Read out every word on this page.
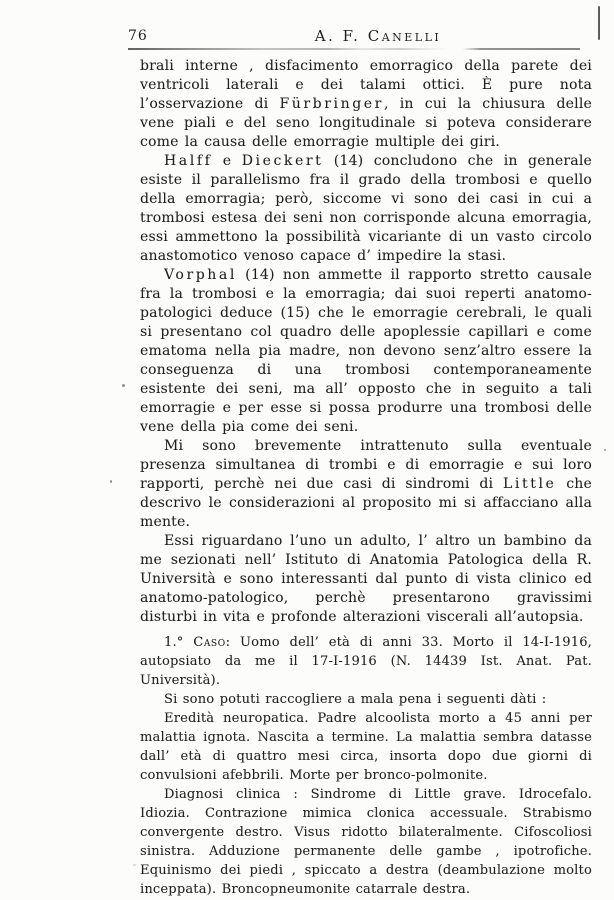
76	A. F. Canelli

brali interne , disfacimento emorragico della parete dei ventricoli laterali e dei talami ottici. È pure nota l’osservazione di Fürbringer, in cui la chiusura delle vene piali e del seno longitudinale si poteva considerare come la causa delle emorragie multiple dei giri.

Halff e Dieckert (14) concludono che in generale esiste il parallelismo fra il grado della trombosi e quello della emorragia; però, siccome vi sono dei casi in cui a trombosi estesa dei seni non corrisponde alcuna emorragia, essi ammettono la possibilità vicariante di un vasto circolo anastomotico venoso capace d’ impedire la stasi.

Vorphal (14) non ammette il rapporto stretto causale fra la trombosi e la emorragia; dai suoi reperti anatomo-patologici deduce (15) che le emorragie cerebrali, le quali si presentano col quadro delle apoplessie capillari e come ematoma nella pia madre, non devono senz’altro essere la conseguenza di una trombosi contemporaneamente esistente dei seni, ma all’ opposto che in seguito a tali emorragie e per esse si possa produrre una trombosi delle vene della pia come dei seni.

Mi sono brevemente intrattenuto sulla eventuale presenza simultanea di trombi e di emorragie e sui loro rapporti, perchè nei due casi di sindromi di Little che descrivo le considerazioni al proposito mi si affacciano alla mente.

Essi riguardano l’uno un adulto, l’ altro un bambino da me sezionati nell’ Istituto di Anatomia Patologica della R. Università e sono interessanti dal punto di vista clinico ed anatomo-patologico, perchè presentarono gravissimi disturbi in vita e profonde alterazioni viscerali all’autopsia.

1.° Caso: Uomo dell’ età di anni 33. Morto il 14-I-1916, autopsiato da me il 17-I-1916 (N. 14439 Ist. Anat. Pat. Università).

Si sono potuti raccogliere a mala pena i seguenti dàti :

Eredità neuropatica. Padre alcoolista morto a 45 anni per malattia ignota. Nascita a termine. La malattia sembra datasse dall’ età di quattro mesi circa, insorta dopo due giorni di convulsioni afebbrili. Morte per bronco-polmonite.

Diagnosi clinica : Sindrome di Little grave. Idrocefalo. Idiozia. Contrazione mimica clonica accessuale. Strabismo convergente destro. Visus ridotto bilateralmente. Cifoscoliosi sinistra. Adduzione permanente delle gambe , ipotrofiche. Equinismo dei piedi , spiccato a destra (deambulazione molto inceppata). Broncopneumonite catarrale destra.
